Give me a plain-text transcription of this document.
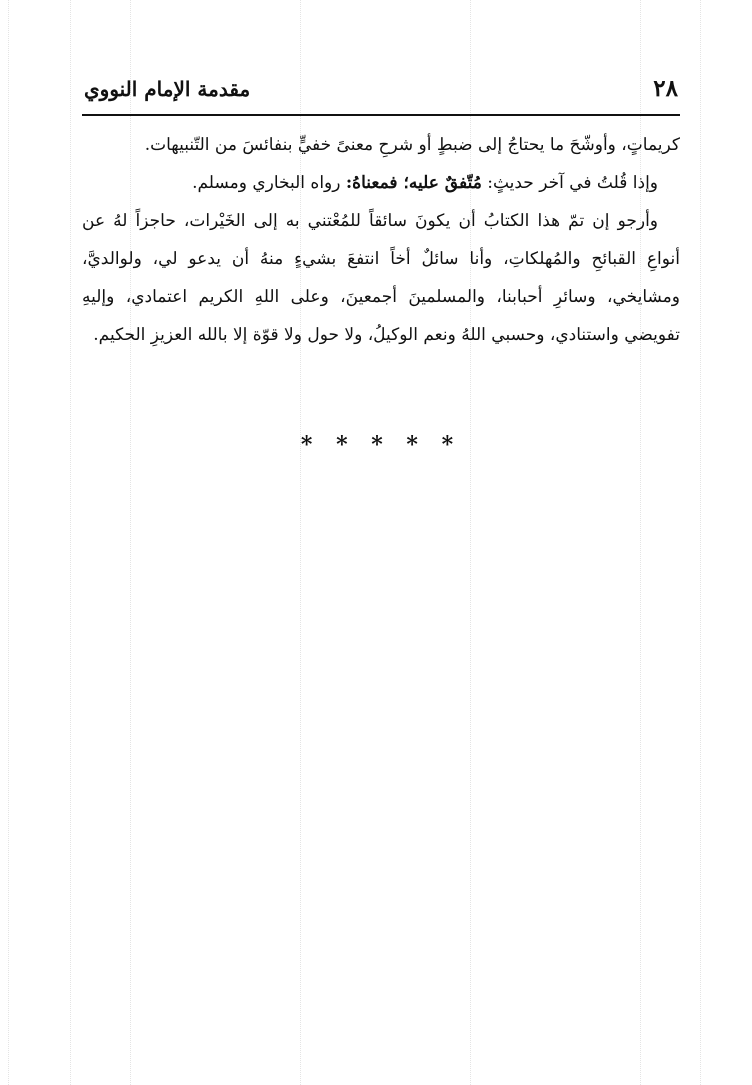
٢٨
مقدمة الإمام النووي

كريماتٍ، وأوشّحَ ما يحتاجُ إلى ضبطٍ أو شرحِ معنىً خفيٍّ بنفائسَ من التّنبيهات.

وإذا قُلتُ في آخر حديثٍ: مُتّفقٌ عليه؛ فمعناهُ: رواه البخاري ومسلم.

وأرجو إن تمّ هذا الكتابُ أن يكونَ سائقاً للمُعْتني به إلى الخَيْرات، حاجزاً لهُ عن أنواعِ القبائحِ والمُهلكاتِ، وأنا سائلٌ أخاً انتفعَ بشيءٍ منهُ أن يدعو لي، ولوالديَّ، ومشايخي، وسائرِ أحبابنا، والمسلمينَ أجمعينَ، وعلى اللهِ الكريم اعتمادي، وإليهِ تفويضي واستنادي، وحسبي اللهُ ونعم الوكيلُ، ولا حول ولا قوّة إلا بالله العزيزِ الحكيم.

* * * * *
